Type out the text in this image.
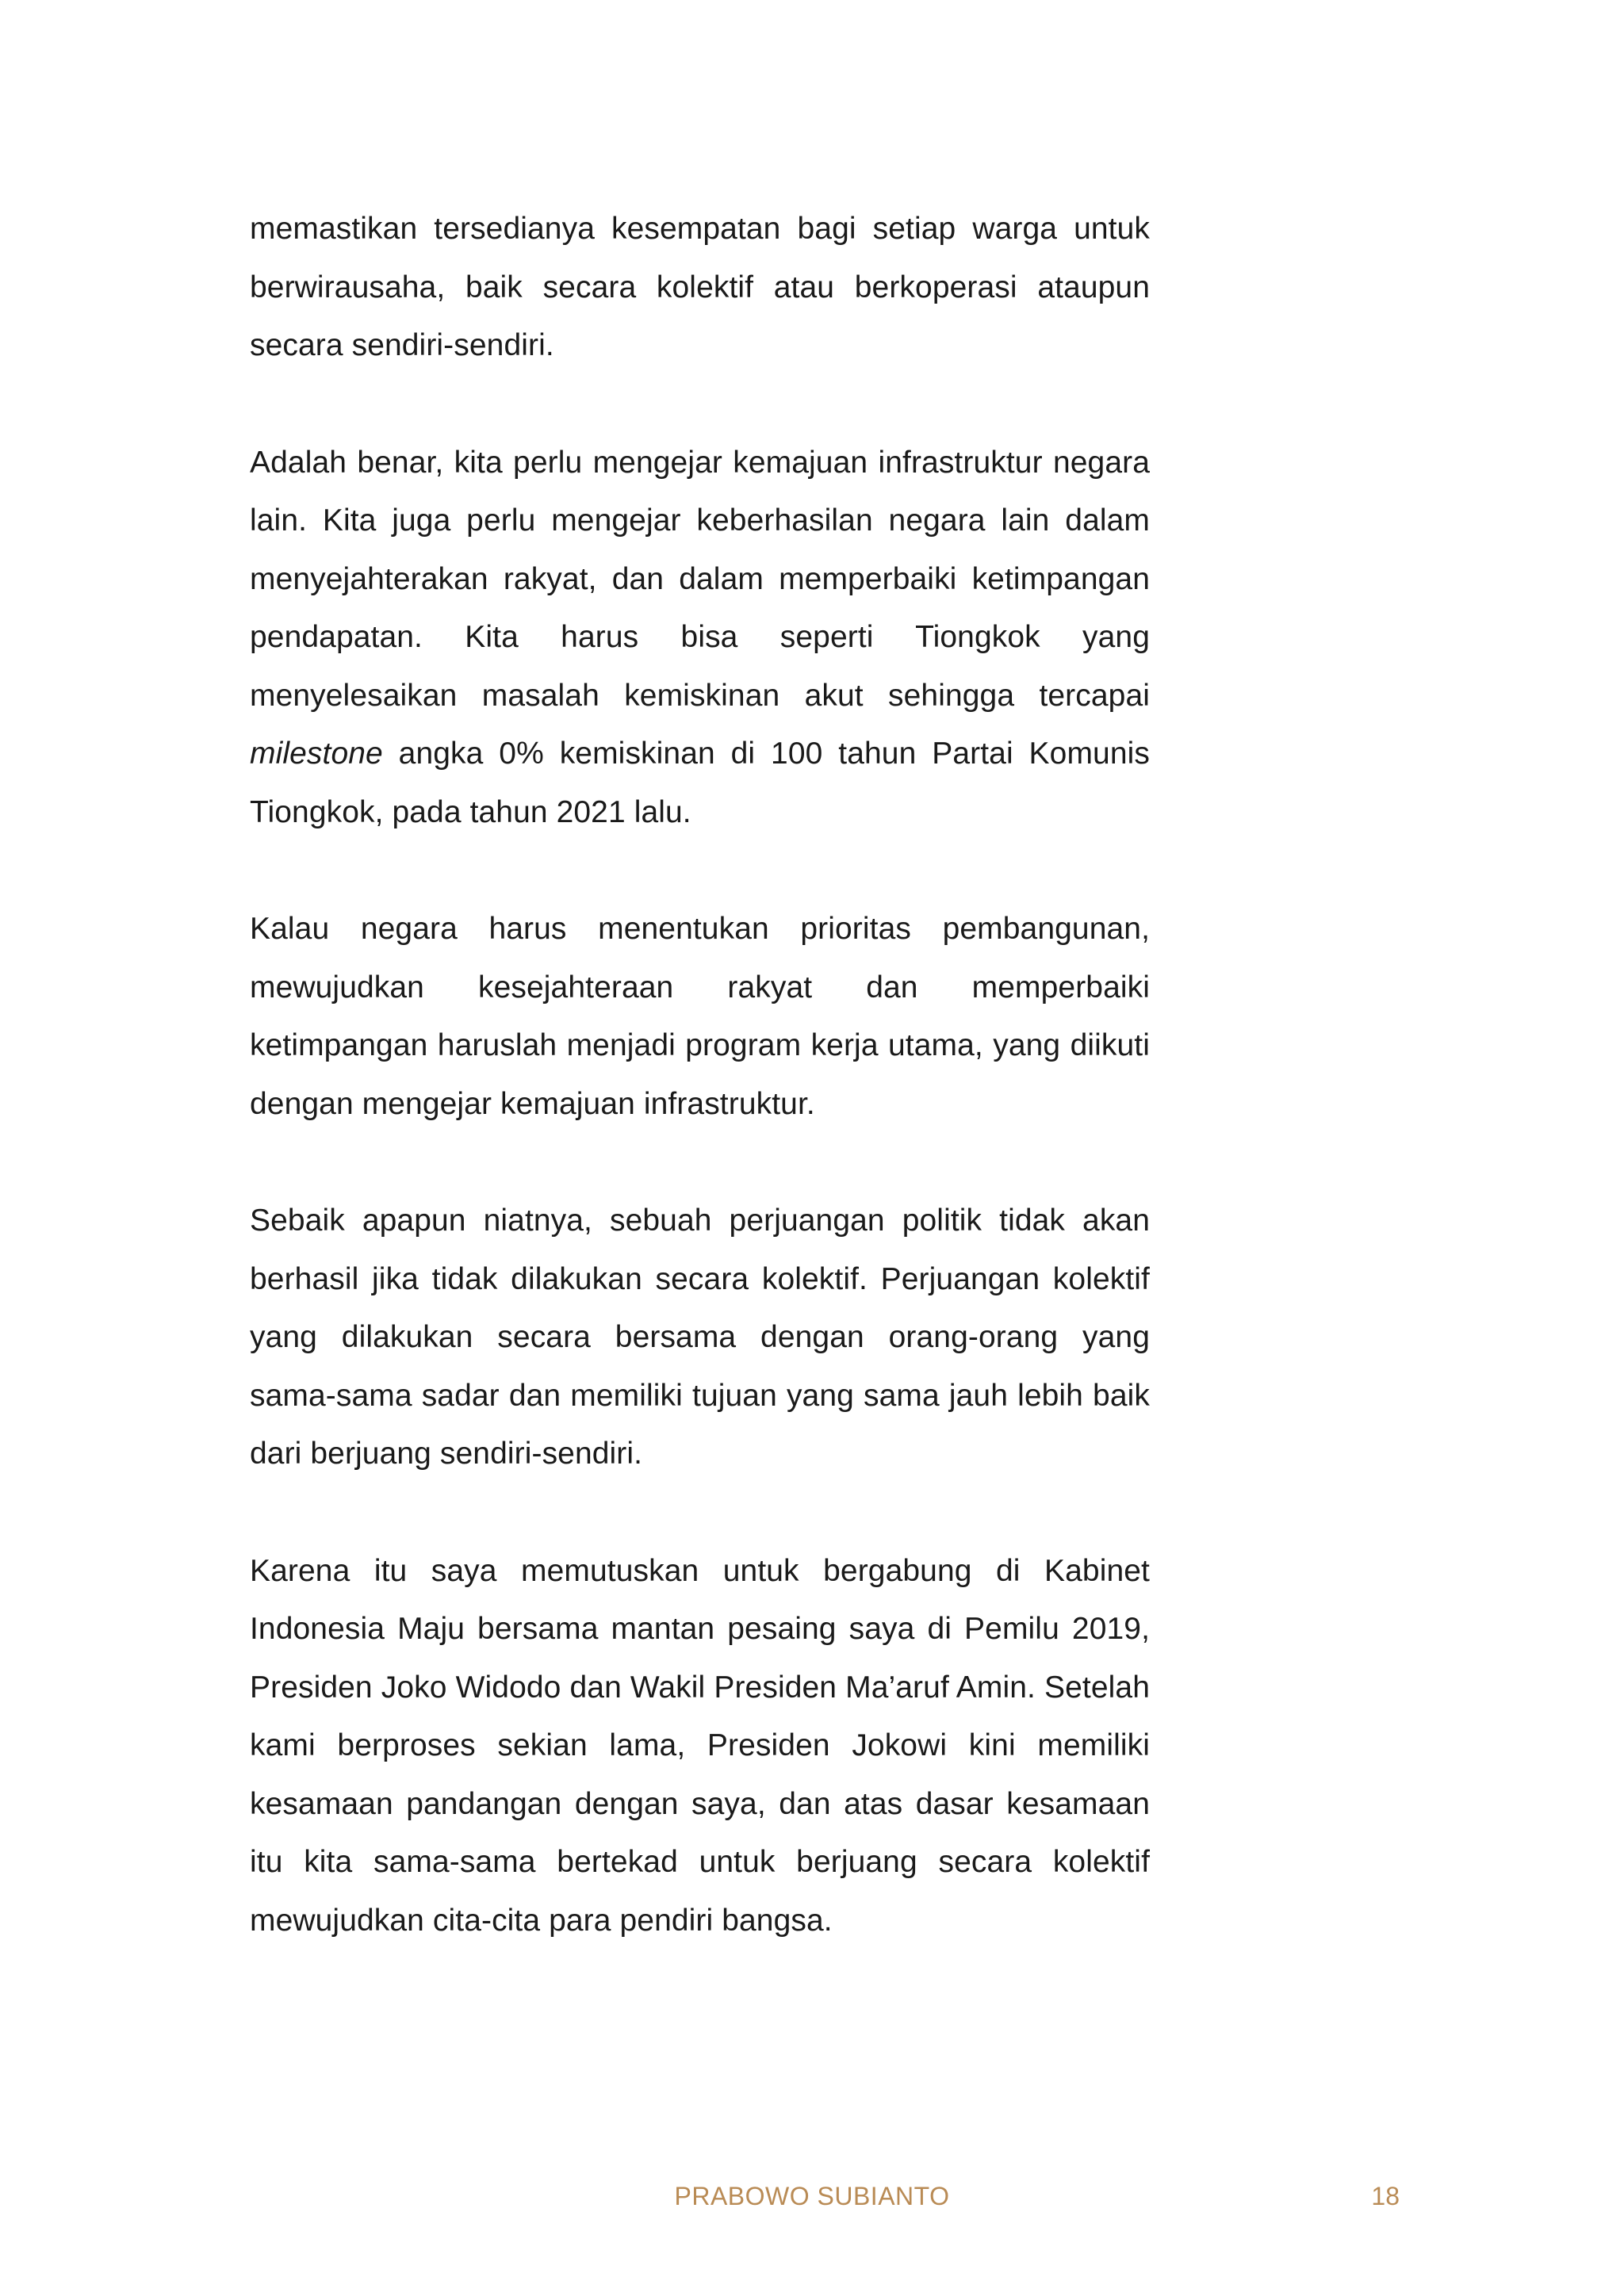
memastikan tersedianya kesempatan bagi setiap warga untuk berwirausaha, baik secara kolektif atau berkoperasi ataupun secara sendiri-sendiri.

Adalah benar, kita perlu mengejar kemajuan infrastruktur negara lain. Kita juga perlu mengejar keberhasilan negara lain dalam menyejahterakan rakyat, dan dalam memperbaiki ketimpangan pendapatan. Kita harus bisa seperti Tiongkok yang menyelesaikan masalah kemiskinan akut sehingga tercapai milestone angka 0% kemiskinan di 100 tahun Partai Komunis Tiongkok, pada tahun 2021 lalu.

Kalau negara harus menentukan prioritas pembangunan, mewujudkan kesejahteraan rakyat dan memperbaiki ketimpangan haruslah menjadi program kerja utama, yang diikuti dengan mengejar kemajuan infrastruktur.

Sebaik apapun niatnya, sebuah perjuangan politik tidak akan berhasil jika tidak dilakukan secara kolektif. Perjuangan kolektif yang dilakukan secara bersama dengan orang-orang yang sama-sama sadar dan memiliki tujuan yang sama jauh lebih baik dari berjuang sendiri-sendiri.

Karena itu saya memutuskan untuk bergabung di Kabinet Indonesia Maju bersama mantan pesaing saya di Pemilu 2019, Presiden Joko Widodo dan Wakil Presiden Ma’aruf Amin. Setelah kami berproses sekian lama, Presiden Jokowi kini memiliki kesamaan pandangan dengan saya, dan atas dasar kesamaan itu kita sama-sama bertekad untuk berjuang secara kolektif mewujudkan cita-cita para pendiri bangsa.

PRABOWO SUBIANTO	18
